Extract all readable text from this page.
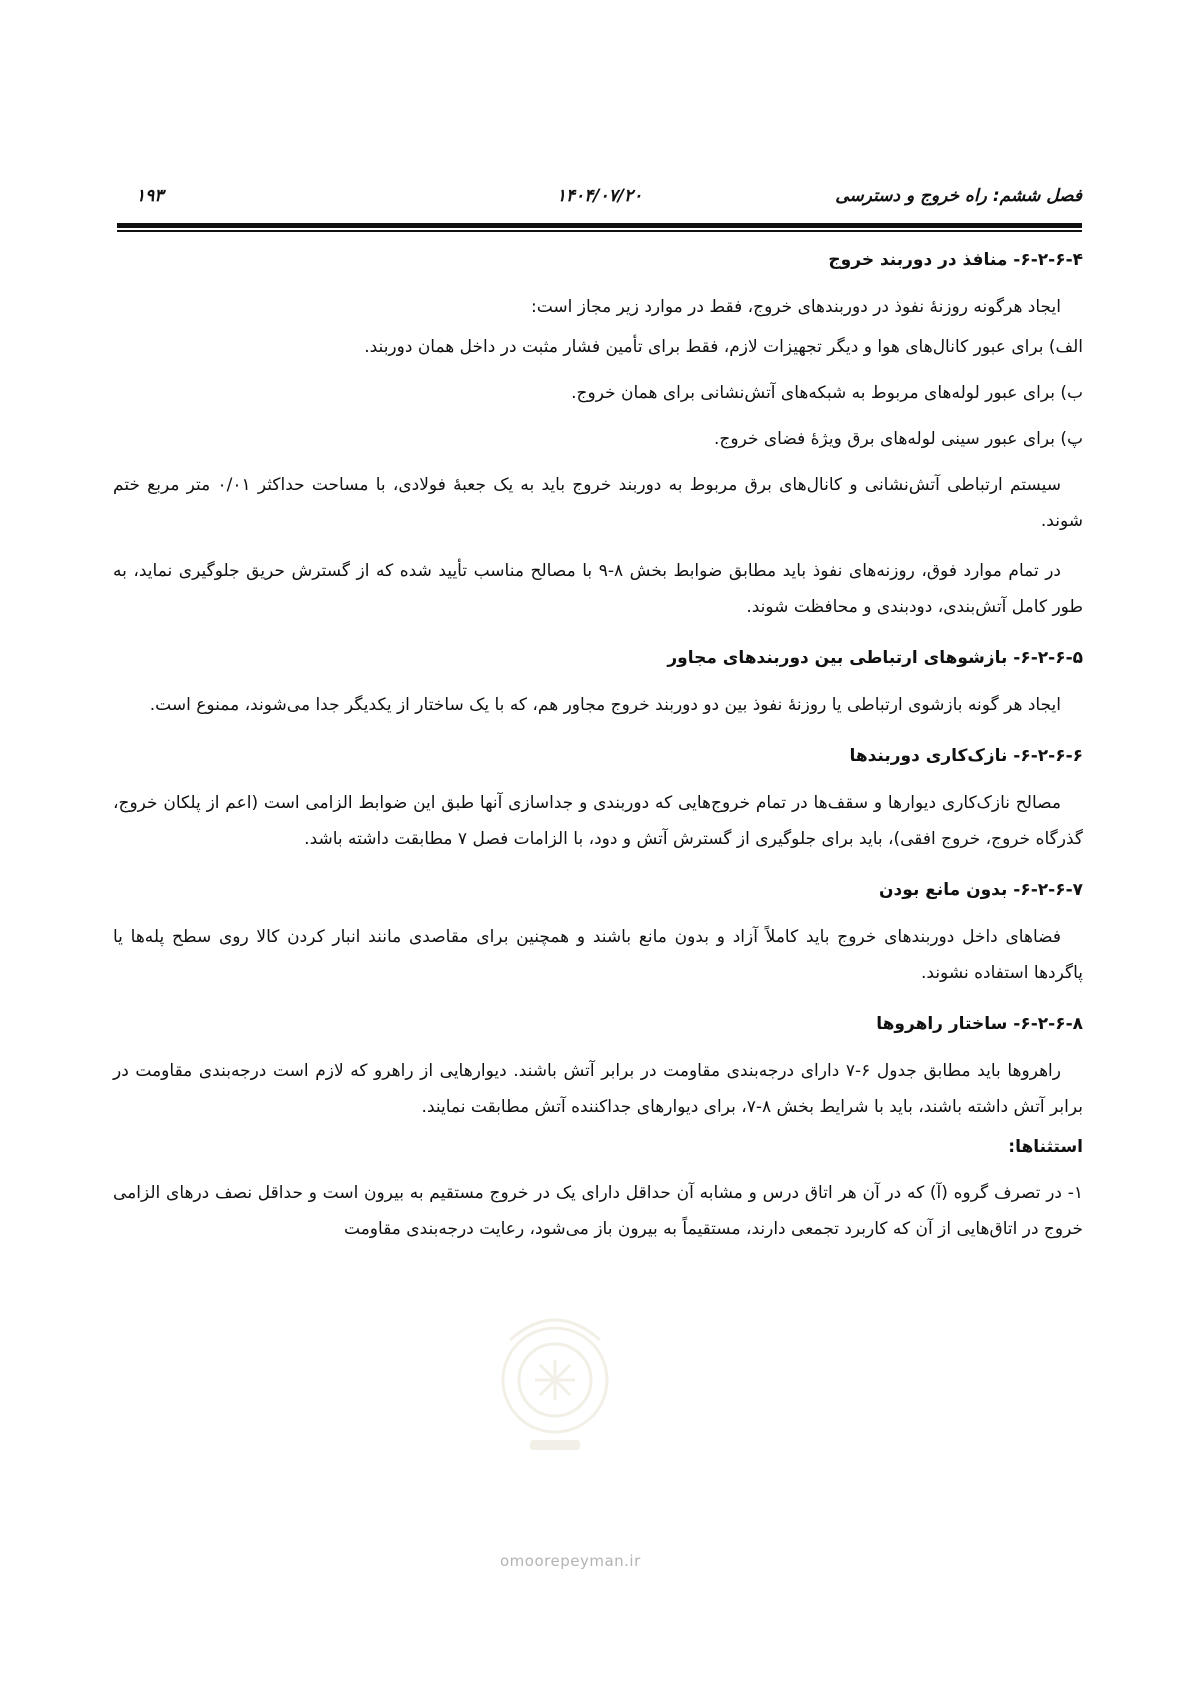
فصل ششم: راه خروج و دسترسی
۱۴۰۴/۰۷/۲۰
۱۹۳
۶-۲-۶-۴- منافذ در دوربند خروج

ایجاد هرگونه روزنهٔ نفوذ در دوربندهای خروج، فقط در موارد زیر مجاز است:

الف) برای عبور کانال‌های هوا و دیگر تجهیزات لازم، فقط برای تأمین فشار مثبت در داخل همان دوربند.

ب) برای عبور لوله‌های مربوط به شبکه‌های آتش‌نشانی برای همان خروج.

پ) برای عبور سینی لوله‌های برق ویژهٔ فضای خروج.

سیستم ارتباطی آتش‌نشانی و کانال‌های برق مربوط به دوربند خروج باید به یک جعبهٔ فولادی، با مساحت حداکثر ۰/۰۱ متر مربع ختم شوند.

در تمام موارد فوق، روزنه‌های نفوذ باید مطابق ضوابط بخش ۸-۹ با مصالح مناسب تأیید شده که از گسترش حریق جلوگیری نماید، به طور کامل آتش‌بندی، دودبندی و محافظت شوند.

۶-۲-۶-۵- بازشوهای ارتباطی بین دوربندهای مجاور

ایجاد هر گونه بازشوی ارتباطی یا روزنهٔ نفوذ بین دو دوربند خروج مجاور هم، که با یک ساختار از یکدیگر جدا می‌شوند، ممنوع است.

۶-۲-۶-۶- نازک‌کاری دوربندها

مصالح نازک‌کاری دیوارها و سقف‌ها در تمام خروج‌هایی که دوربندی و جداسازی آنها طبق این ضوابط الزامی است (اعم از پلکان خروج، گذرگاه خروج، خروج افقی)، باید برای جلوگیری از گسترش آتش و دود، با الزامات فصل ۷ مطابقت داشته باشد.

۶-۲-۶-۷- بدون مانع بودن

فضاهای داخل دوربندهای خروج باید کاملاً آزاد و بدون مانع باشند و همچنین برای مقاصدی مانند انبار کردن کالا روی سطح پله‌ها یا پاگردها استفاده نشوند.

۶-۲-۶-۸- ساختار راهروها

راهروها باید مطابق جدول ۶-۷ دارای درجه‌بندی مقاومت در برابر آتش باشند. دیوارهایی از راهرو که لازم است درجه‌بندی مقاومت در برابر آتش داشته باشند، باید با شرایط بخش ۸-۷، برای دیوارهای جداکننده آتش مطابقت نمایند.

استثناها:

۱- در تصرف گروه (آ) که در آن هر اتاق درس و مشابه آن حداقل دارای یک در خروج مستقیم به بیرون است و حداقل نصف درهای الزامی خروج در اتاق‌هایی از آن که کاربرد تجمعی دارند، مستقیماً به بیرون باز می‌شود، رعایت درجه‌بندی مقاومت

omoorepeyman.ir
